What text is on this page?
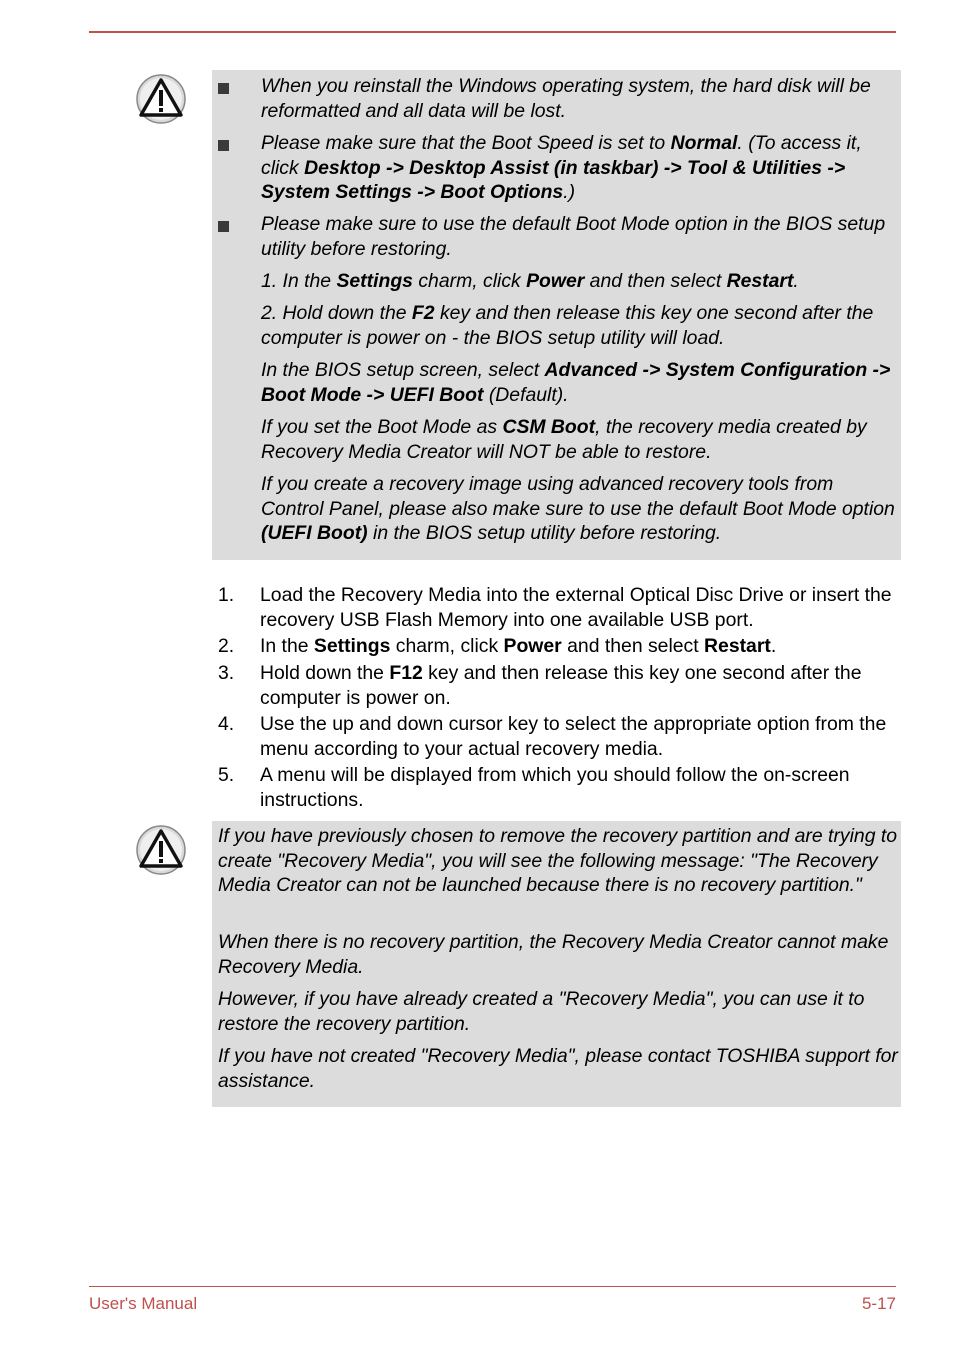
When you reinstall the Windows operating system, the hard disk will be reformatted and all data will be lost.
Please make sure that the Boot Speed is set to Normal. (To access it, click Desktop -> Desktop Assist (in taskbar) -> Tool & Utilities -> System Settings -> Boot Options.)
Please make sure to use the default Boot Mode option in the BIOS setup utility before restoring.
1. In the Settings charm, click Power and then select Restart.
2. Hold down the F2 key and then release this key one second after the computer is power on - the BIOS setup utility will load.
In the BIOS setup screen, select Advanced -> System Configuration -> Boot Mode -> UEFI Boot (Default).
If you set the Boot Mode as CSM Boot, the recovery media created by Recovery Media Creator will NOT be able to restore.
If you create a recovery image using advanced recovery tools from Control Panel, please also make sure to use the default Boot Mode option (UEFI Boot) in the BIOS setup utility before restoring.
1.	Load the Recovery Media into the external Optical Disc Drive or insert the recovery USB Flash Memory into one available USB port.
2.	In the Settings charm, click Power and then select Restart.
3.	Hold down the F12 key and then release this key one second after the computer is power on.
4.	Use the up and down cursor key to select the appropriate option from the menu according to your actual recovery media.
5.	A menu will be displayed from which you should follow the on-screen instructions.
If you have previously chosen to remove the recovery partition and are trying to create "Recovery Media", you will see the following message: "The Recovery Media Creator can not be launched because there is no recovery partition."
When there is no recovery partition, the Recovery Media Creator cannot make Recovery Media.
However, if you have already created a "Recovery Media", you can use it to restore the recovery partition.
If you have not created "Recovery Media", please contact TOSHIBA support for assistance.
User's Manual	5-17
